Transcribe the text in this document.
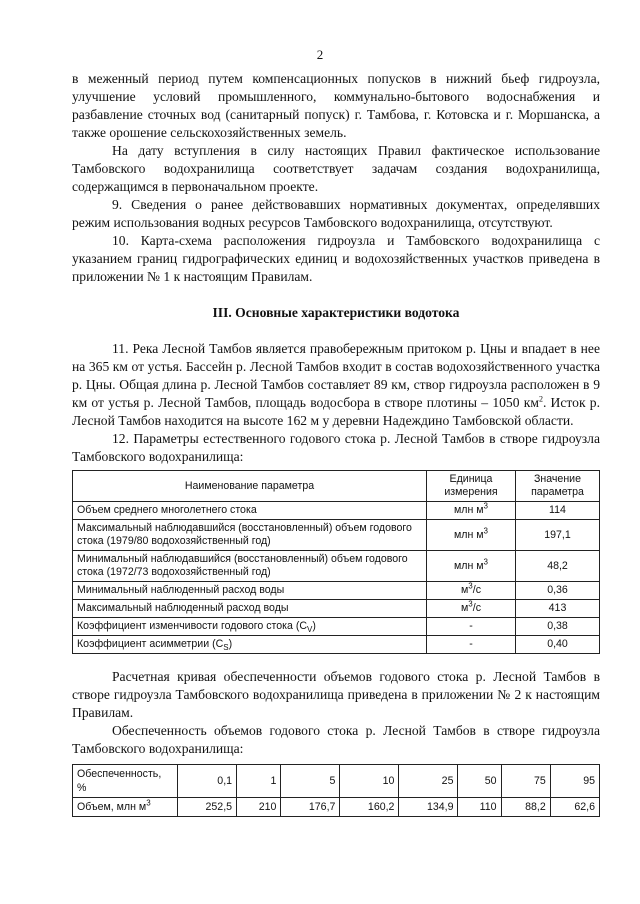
2

в меженный период путем компенсационных попусков в нижний бьеф гидроузла, улучшение условий промышленного, коммунально-бытового водоснабжения и разбавление сточных вод (санитарный попуск) г. Тамбова, г. Котовска и г. Моршанска, а также орошение сельскохозяйственных земель.

На дату вступления в силу настоящих Правил фактическое использование Тамбовского водохранилища соответствует задачам создания водохранилища, содержащимся в первоначальном проекте.

9. Сведения о ранее действовавших нормативных документах, определявших режим использования водных ресурсов Тамбовского водохранилища, отсутствуют.

10. Карта-схема расположения гидроузла и Тамбовского водохранилища с указанием границ гидрографических единиц и водохозяйственных участков приведена в приложении № 1 к настоящим Правилам.

III. Основные характеристики водотока

11. Река Лесной Тамбов является правобережным притоком р. Цны и впадает в нее на 365 км от устья. Бассейн р. Лесной Тамбов входит в состав водохозяйственного участка р. Цны. Общая длина р. Лесной Тамбов составляет 89 км, створ гидроузла расположен в 9 км от устья р. Лесной Тамбов, площадь водосбора в створе плотины – 1050 $км^2$. Исток р. Лесной Тамбов находится на высоте 162 м у деревни Надеждино Тамбовской области.

12. Параметры естественного годового стока р. Лесной Тамбов в створе гидроузла Тамбовского водохранилища:

Наименование параметра	Единица измерения	Значение параметра
Объем среднего многолетнего стока	млн $м^3$	114
Максимальный наблюдавшийся (восстановленный) объем годового стока (1979/80 водохозяйственный год)	млн $м^3$	197,1
Минимальный наблюдавшийся (восстановленный) объем годового стока (1972/73 водохозяйственный год)	млн $м^3$	48,2
Минимальный наблюденный расход воды	$м^3/с$	0,36
Максимальный наблюденный расход воды	$м^3/с$	413
Коэффициент изменчивости годового стока $(C_V)$	-	0,38
Коэффициент асимметрии $(C_S)$	-	0,40

Расчетная кривая обеспеченности объемов годового стока р. Лесной Тамбов в створе гидроузла Тамбовского водохранилища приведена в приложении № 2 к настоящим Правилам.

Обеспеченность объемов годового стока р. Лесной Тамбов в створе гидроузла Тамбовского водохранилища:

Обеспеченность, %	0,1	1	5	10	25	50	75	95
Объем, млн $м^3$	252,5	210	176,7	160,2	134,9	110	88,2	62,6
